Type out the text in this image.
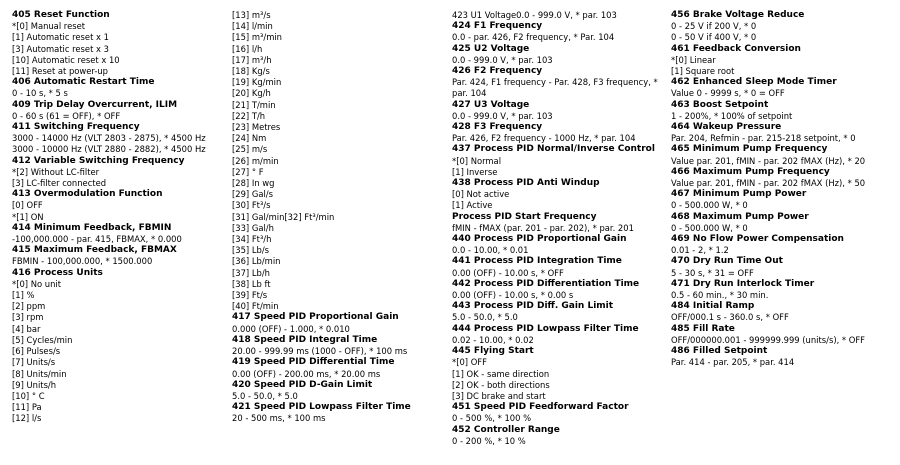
405 Reset Function

*[0] Manual reset

[1] Automatic reset x 1

[3] Automatic reset x 3

[10] Automatic reset x 10

[11] Reset at power-up

406 Automatic Restart Time

0 - 10 s, * 5 s

409 Trip Delay Overcurrent, ILIM

0 - 60 s (61 = OFF), * OFF

411 Switching Frequency

3000 - 14000 Hz (VLT 2803 - 2875), * 4500 Hz

3000 - 10000 Hz (VLT 2880 - 2882), * 4500 Hz

412 Variable Switching Frequency

*[2] Without LC-filter

[3] LC-filter connected

413 Overmodulation Function

[0] OFF

*[1] ON

414 Minimum Feedback, FBMIN

-100,000.000 - par. 415, FBMAX, * 0.000

415 Maximum Feedback, FBMAX

FBMIN - 100,000.000, * 1500.000

416 Process Units

*[0] No unit

[1] %

[2] ppm

[3] rpm

[4] bar

[5] Cycles/min

[6] Pulses/s

[7] Units/s

[8] Units/min

[9] Units/h

[10] ° C

[11] Pa

[12] l/s

[13] m³/s

[14] l/min

[15] m³/min

[16] l/h

[17] m³/h

[18] Kg/s

[19] Kg/min

[20] Kg/h

[21] T/min

[22] T/h

[23] Metres

[24] Nm

[25] m/s

[26] m/min

[27] ° F

[28] In wg

[29] Gal/s

[30] Ft³/s

[31] Gal/min[32] Ft³/min

[33] Gal/h

[34] Ft³/h

[35] Lb/s

[36] Lb/min

[37] Lb/h

[38] Lb ft

[39] Ft/s

[40] Ft/min

417 Speed PID Proportional Gain

0.000 (OFF) - 1.000, * 0.010

418 Speed PID Integral Time

20.00 - 999.99 ms (1000 - OFF), * 100 ms

419 Speed PID Differential Time

0.00 (OFF) - 200.00 ms, * 20.00 ms

420 Speed PID D-Gain Limit

5.0 - 50.0, * 5.0

421 Speed PID Lowpass Filter Time

20 - 500 ms, * 100 ms

423 U1 Voltage0.0 - 999.0 V, * par. 103

424 F1 Frequency

0.0 - par. 426, F2 frequency, * Par. 104

425 U2 Voltage

0.0 - 999.0 V, * par. 103

426 F2 Frequency

Par. 424, F1 frequency - Par. 428, F3 frequency, *

par. 104

427 U3 Voltage

0.0 - 999.0 V, * par. 103

428 F3 Frequency

Par. 426, F2 frequency - 1000 Hz, * par. 104

437 Process PID Normal/Inverse Control

*[0] Normal

[1] Inverse

438 Process PID Anti Windup

[0] Not active

[1] Active

Process PID Start Frequency

fMIN - fMAX (par. 201 - par. 202), * par. 201

440 Process PID Proportional Gain

0.0 - 10.00, * 0.01

441 Process PID Integration Time

0.00 (OFF) - 10.00 s, * OFF

442 Process PID Differentiation Time

0.00 (OFF) - 10.00 s, * 0.00 s

443 Process PID Diff. Gain Limit

5.0 - 50.0, * 5.0

444 Process PID Lowpass Filter Time

0.02 - 10.00, * 0.02

445 Flying Start

*[0] OFF

[1] OK - same direction

[2] OK - both directions

[3] DC brake and start

451 Speed PID Feedforward Factor

0 - 500 %, * 100 %

452 Controller Range

0 - 200 %, * 10 %

456 Brake Voltage Reduce

0 - 25 V if 200 V, * 0

0 - 50 V if 400 V, * 0

461 Feedback Conversion

*[0] Linear

[1] Square root

462 Enhanced Sleep Mode Timer

Value 0 - 9999 s, * 0 = OFF

463 Boost Setpoint

1 - 200%, * 100% of setpoint

464 Wakeup Pressure

Par. 204, Refmin - par. 215-218 setpoint, * 0

465 Minimum Pump Frequency

Value par. 201, fMIN - par. 202 fMAX (Hz), * 20

466 Maximum Pump Frequency

Value par. 201, fMIN - par. 202 fMAX (Hz), * 50

467 Minimum Pump Power

0 - 500.000 W, * 0

468 Maximum Pump Power

0 - 500.000 W, * 0

469 No Flow Power Compensation

0.01 - 2, * 1.2

470 Dry Run Time Out

5 - 30 s, * 31 = OFF

471 Dry Run Interlock Timer

0.5 - 60 min., * 30 min.

484 Initial Ramp

OFF/000.1 s - 360.0 s, * OFF

485 Fill Rate

OFF/000000.001 - 999999.999 (units/s), * OFF

486 Filled Setpoint

Par. 414 - par. 205, * par. 414
